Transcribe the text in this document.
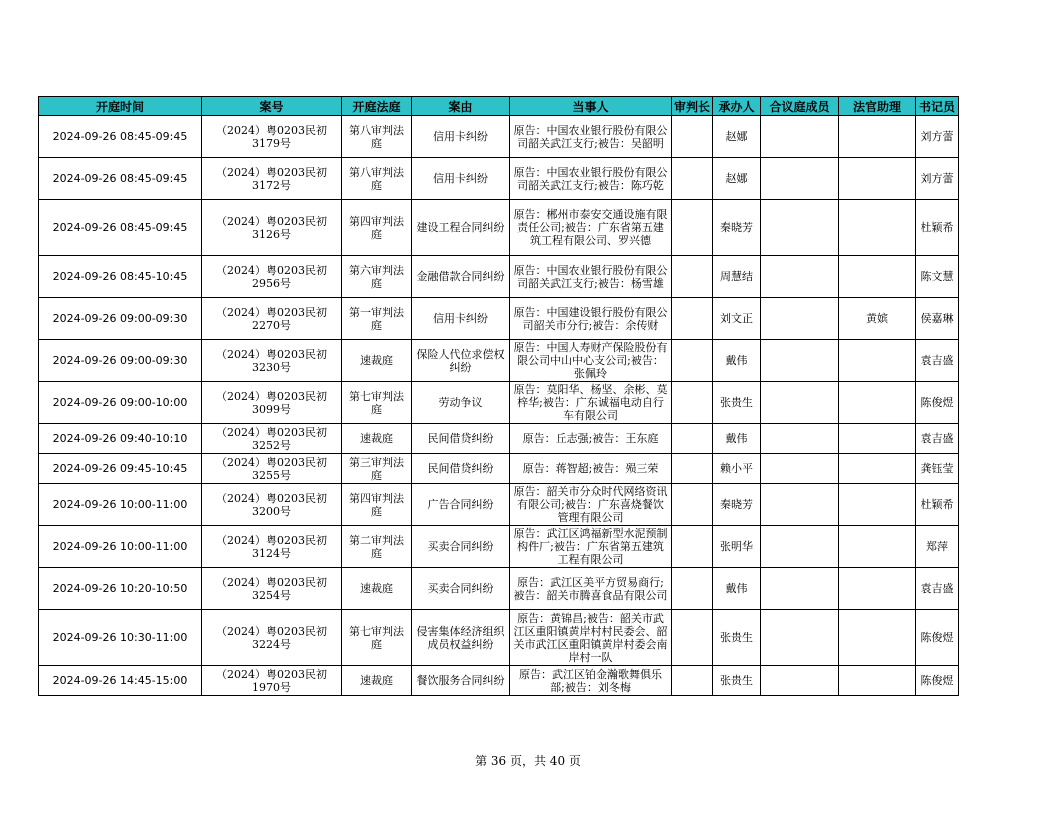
开庭时间	案号	开庭法庭	案由	当事人	审判长	承办人	合议庭成员	法官助理	书记员

2024-09-26 08:45-09:45	（2024）粤0203民初3179号	第八审判法庭	信用卡纠纷	原告：中国农业银行股份有限公司韶关武江支行;被告：吴韶明		赵娜			刘方蕾

2024-09-26 08:45-09:45	（2024）粤0203民初3172号	第八审判法庭	信用卡纠纷	原告：中国农业银行股份有限公司韶关武江支行;被告：陈巧乾		赵娜			刘方蕾

2024-09-26 08:45-09:45	（2024）粤0203民初3126号	第四审判法庭	建设工程合同纠纷	原告：郴州市泰安交通设施有限责任公司;被告：广东省第五建筑工程有限公司、罗兴德		秦晓芳			杜颖希

2024-09-26 08:45-10:45	（2024）粤0203民初2956号	第六审判法庭	金融借款合同纠纷	原告：中国农业银行股份有限公司韶关武江支行;被告：杨雪雄		周慧结			陈文慧

2024-09-26 09:00-09:30	（2024）粤0203民初2270号	第一审判法庭	信用卡纠纷	原告：中国建设银行股份有限公司韶关市分行;被告：余传财		刘文正		黄嫔	侯嘉琳

2024-09-26 09:00-09:30	（2024）粤0203民初3230号	速裁庭	保险人代位求偿权纠纷	原告：中国人寿财产保险股份有限公司中山中心支公司;被告：张佩玲		戴伟			袁吉盛

2024-09-26 09:00-10:00	（2024）粤0203民初3099号	第七审判法庭	劳动争议	原告：莫阳华、杨坚、余彬、莫梓华;被告：广东诚福电动自行车有限公司		张贵生			陈俊煜

2024-09-26 09:40-10:10	（2024）粤0203民初3252号	速裁庭	民间借贷纠纷	原告：丘志强;被告：王东庭		戴伟			袁吉盛

2024-09-26 09:45-10:45	（2024）粤0203民初3255号	第三审判法庭	民间借贷纠纷	原告：蒋智超;被告：殒三荣		赖小平			龚钰莹

2024-09-26 10:00-11:00	（2024）粤0203民初3200号	第四审判法庭	广告合同纠纷	原告：韶关市分众时代网络资讯有限公司;被告：广东喜烧餐饮管理有限公司		秦晓芳			杜颖希

2024-09-26 10:00-11:00	（2024）粤0203民初3124号	第二审判法庭	买卖合同纠纷	原告：武江区鸿福新型水泥预制构件厂;被告：广东省第五建筑工程有限公司		张明华			郑萍

2024-09-26 10:20-10:50	（2024）粤0203民初3254号	速裁庭	买卖合同纠纷	原告：武江区美平方贸易商行;被告：韶关市腾喜食品有限公司		戴伟			袁吉盛

2024-09-26 10:30-11:00	（2024）粤0203民初3224号	第七审判法庭	侵害集体经济组织成员权益纠纷	原告：黄锦昌;被告：韶关市武江区重阳镇黄岸村村民委会、韶关市武江区重阳镇黄岸村委会南岸村一队		张贵生			陈俊煜

2024-09-26 14:45-15:00	（2024）粤0203民初1970号	速裁庭	餐饮服务合同纠纷	原告：武江区铂金瀚歌舞俱乐部;被告：刘冬梅		张贵生			陈俊煜
第 36 页，共 40 页
